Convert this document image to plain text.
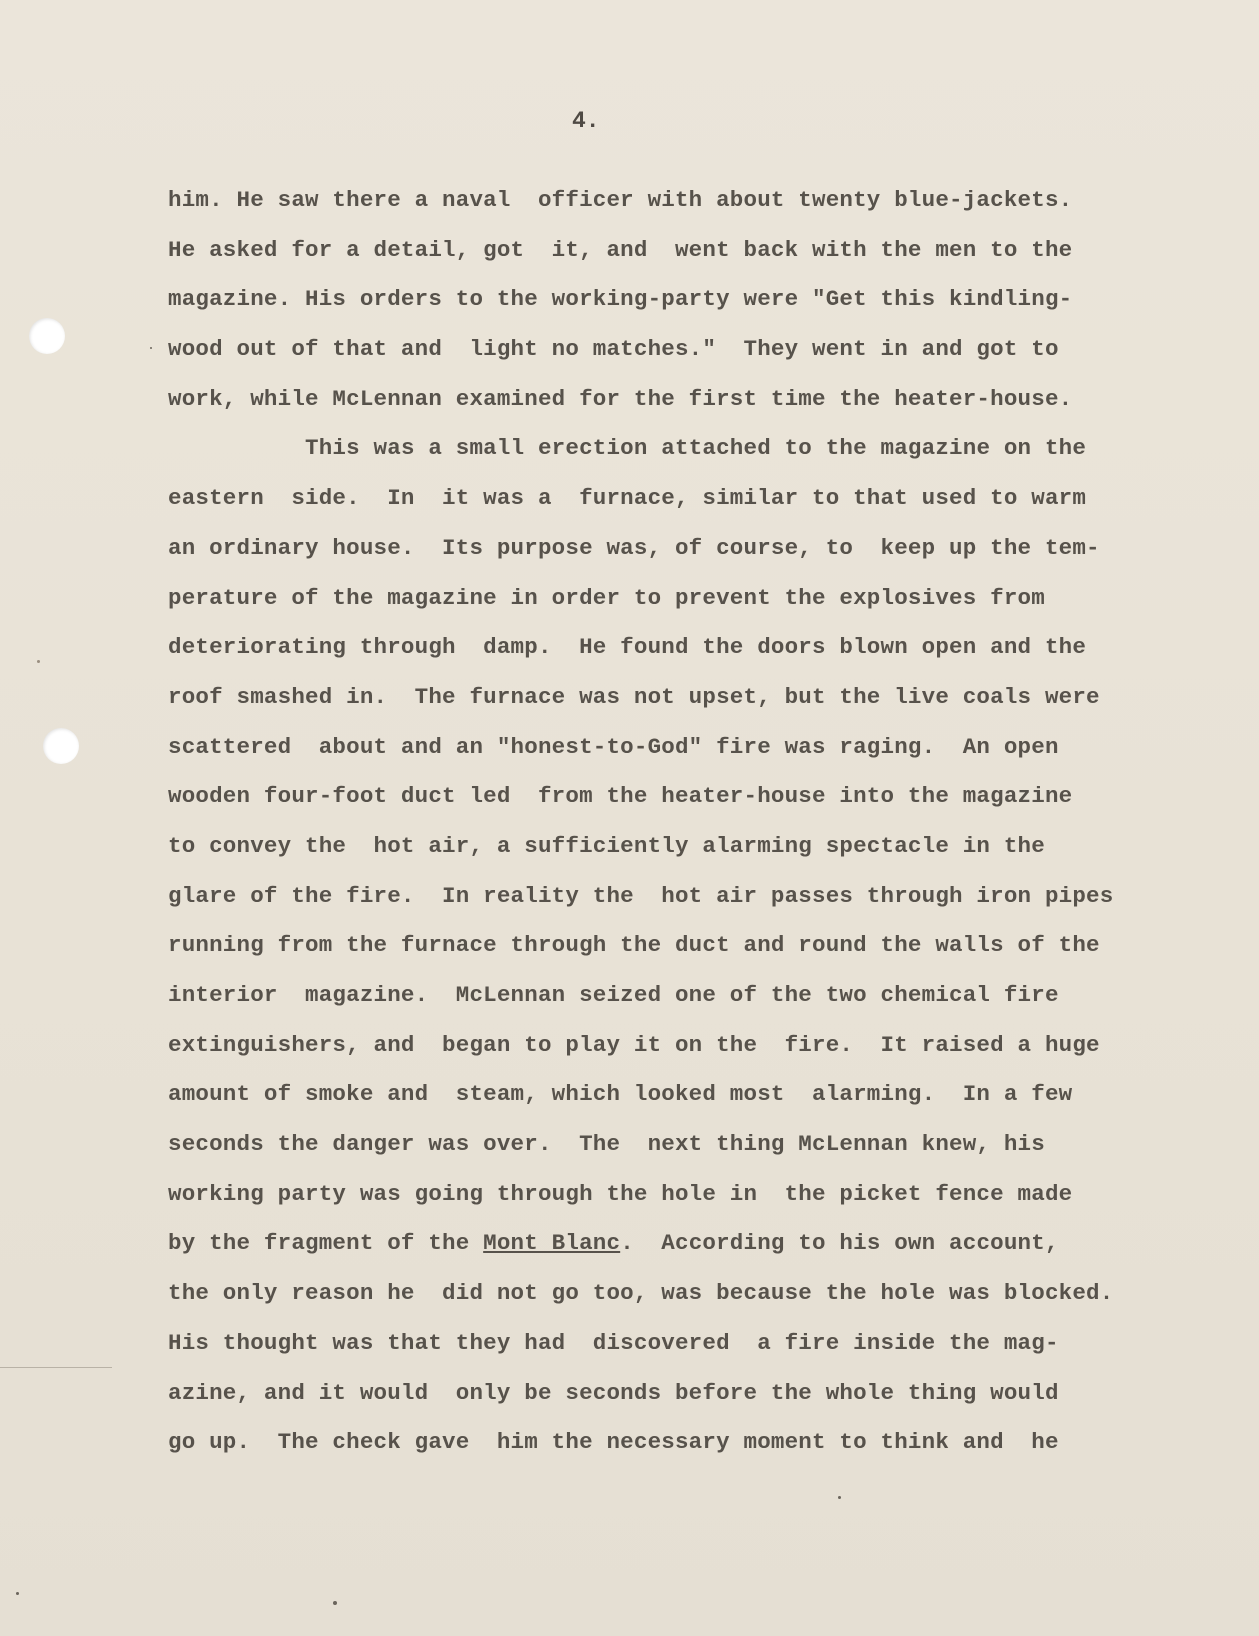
4.
him. He saw there a naval  officer with about twenty blue-jackets.
He asked for a detail, got  it, and  went back with the men to the
magazine. His orders to the working-party were "Get this kindling-
wood out of that and  light no matches."  They went in and got to
work, while McLennan examined for the first time the heater-house.
This was a small erection attached to the magazine on the
eastern  side.  In  it was a  furnace, similar to that used to warm
an ordinary house.  Its purpose was, of course, to  keep up the tem-
perature of the magazine in order to prevent the explosives from
deteriorating through  damp.  He found the doors blown open and the
roof smashed in.  The furnace was not upset, but the live coals were
scattered  about and an "honest-to-God" fire was raging.  An open
wooden four-foot duct led  from the heater-house into the magazine
to convey the  hot air, a sufficiently alarming spectacle in the
glare of the fire.  In reality the  hot air passes through iron pipes
running from the furnace through the duct and round the walls of the
interior  magazine.  McLennan seized one of the two chemical fire
extinguishers, and  began to play it on the  fire.  It raised a huge
amount of smoke and  steam, which looked most  alarming.  In a few
seconds the danger was over.  The  next thing McLennan knew, his
working party was going through the hole in  the picket fence made
by the fragment of the Mont Blanc.  According to his own account,
the only reason he  did not go too, was because the hole was blocked.
His thought was that they had  discovered  a fire inside the mag-
azine, and it would  only be seconds before the whole thing would
go up.  The check gave  him the necessary moment to think and  he
